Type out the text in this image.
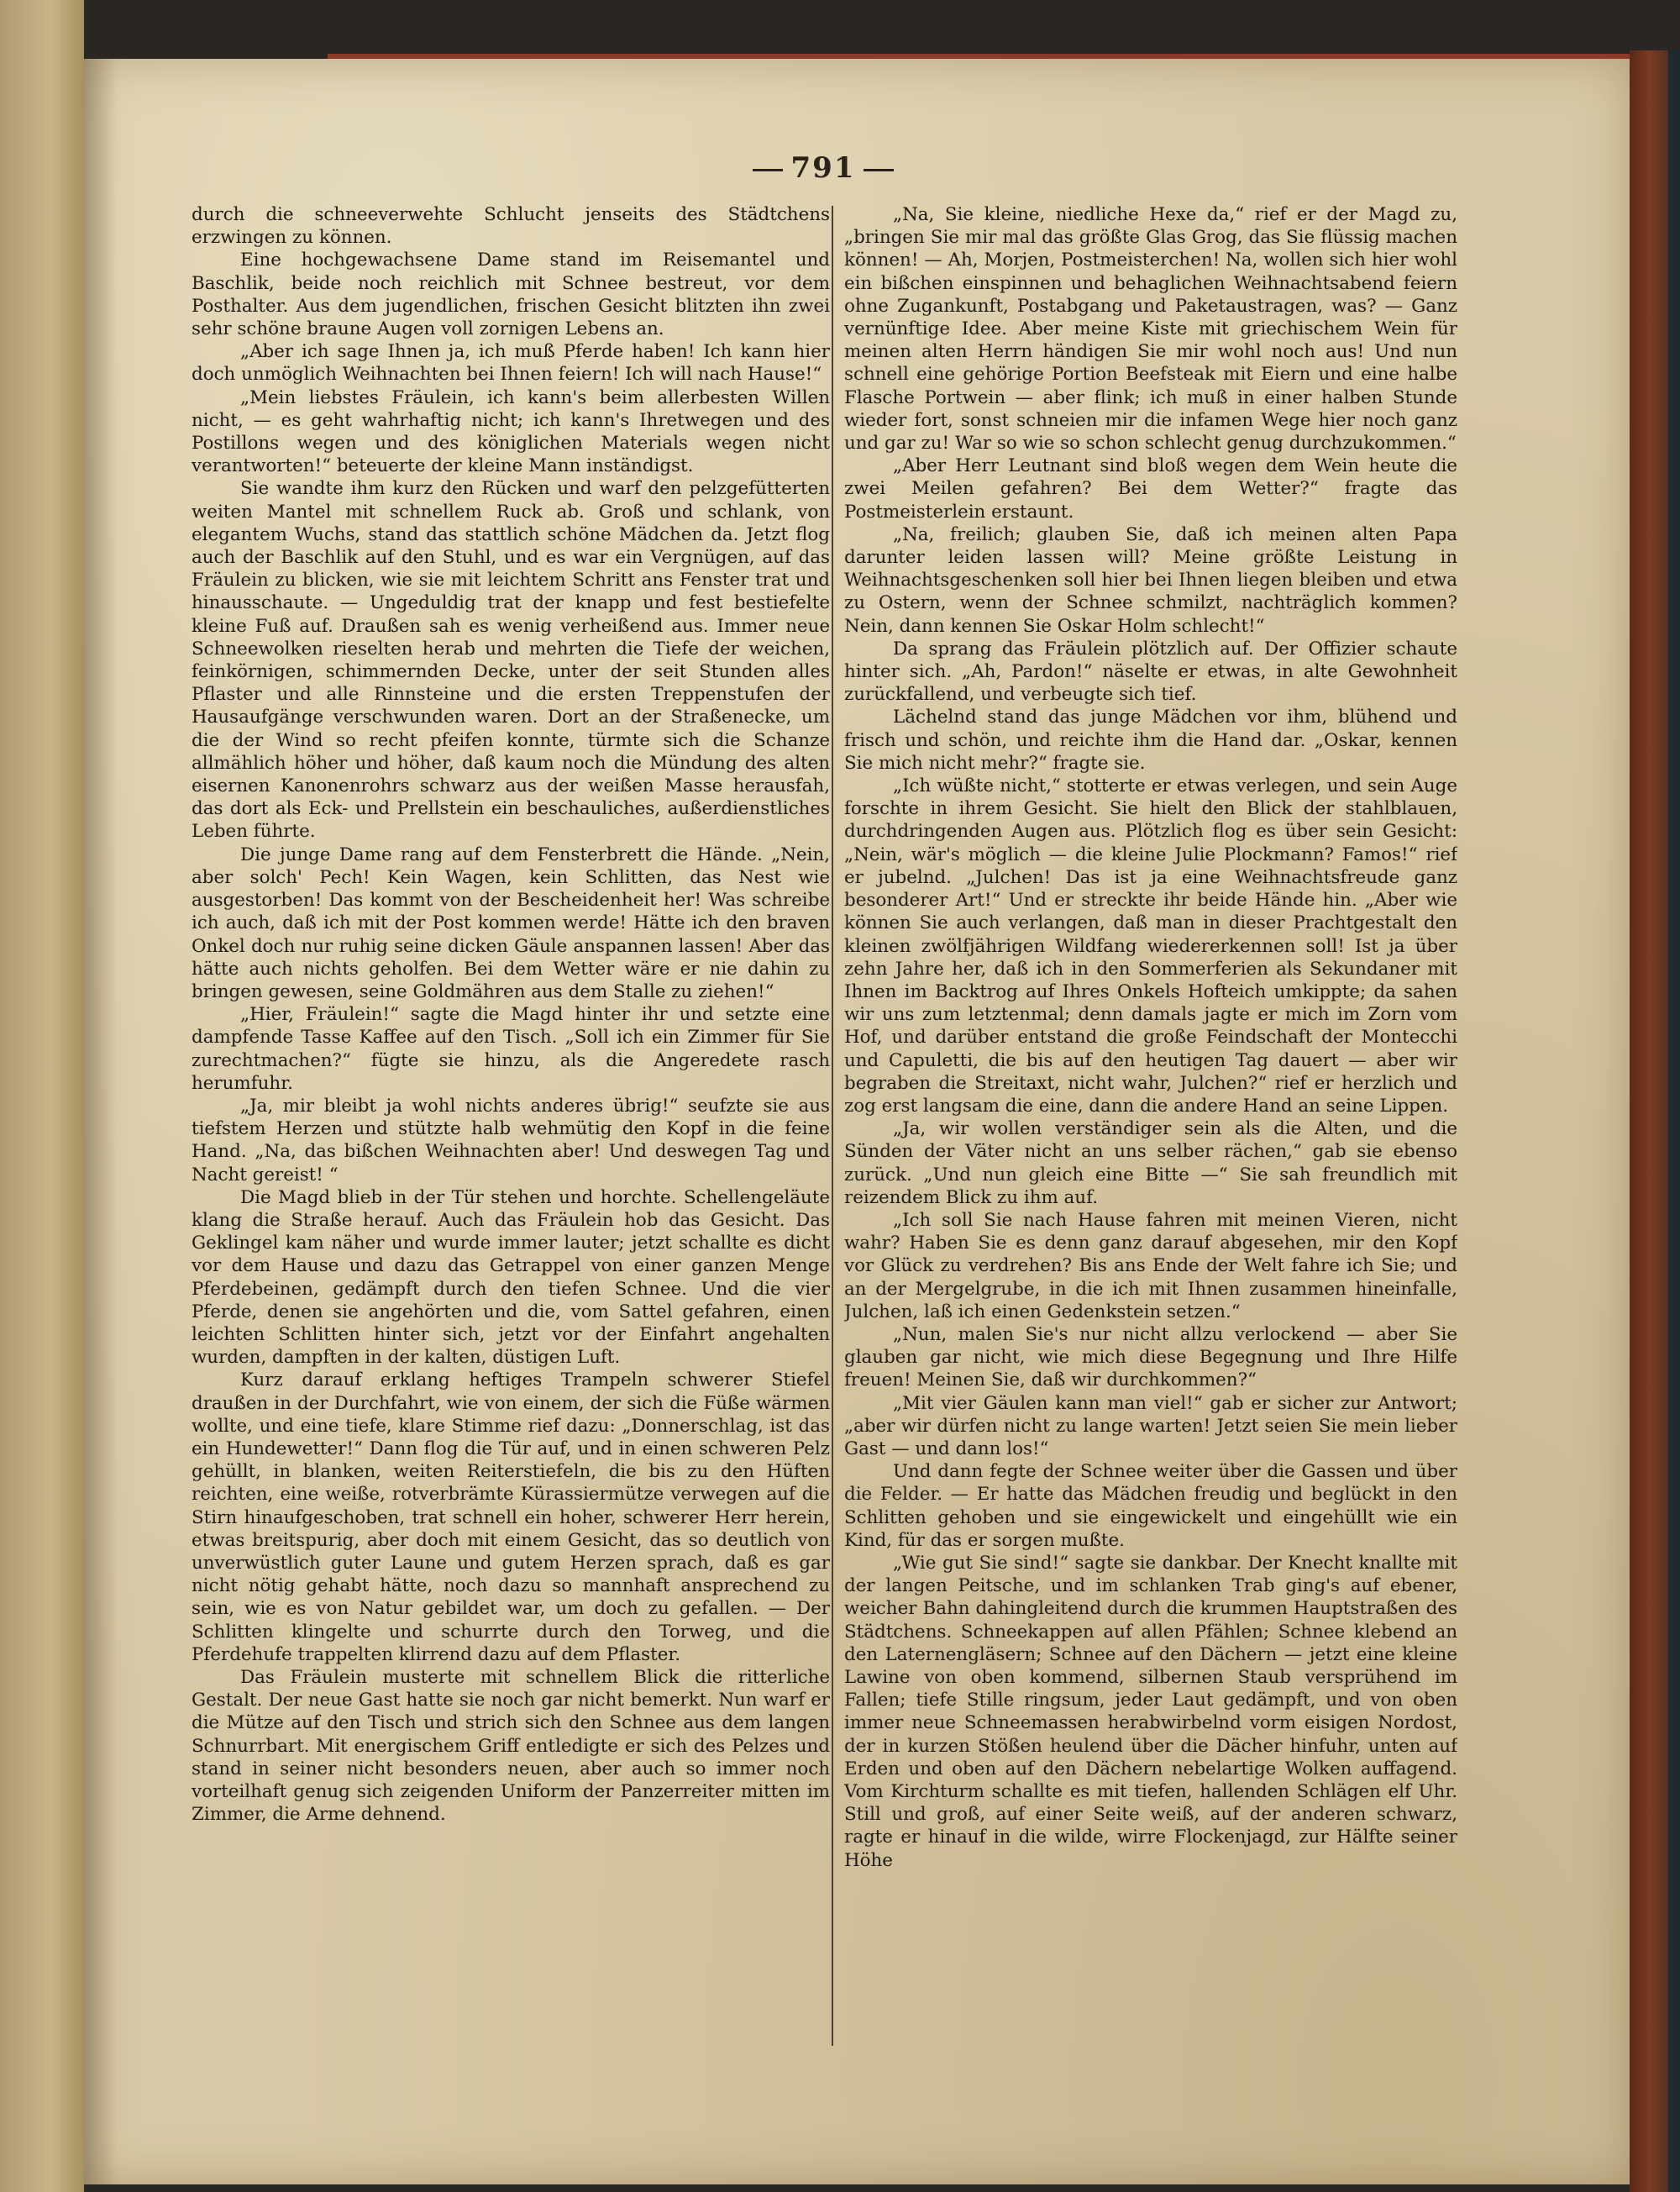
791

durch die schneeverwehte Schlucht jenseits des Städtchens erzwingen zu können.

Eine hochgewachsene Dame stand im Reisemantel und Baschlik, beide noch reichlich mit Schnee bestreut, vor dem Posthalter. Aus dem jugendlichen, frischen Gesicht blitzten ihn zwei sehr schöne braune Augen voll zornigen Lebens an.

„Aber ich sage Ihnen ja, ich muß Pferde haben! Ich kann hier doch unmöglich Weihnachten bei Ihnen feiern! Ich will nach Hause!“

„Mein liebstes Fräulein, ich kann's beim allerbesten Willen nicht, — es geht wahrhaftig nicht; ich kann's Ihretwegen und des Postillons wegen und des königlichen Materials wegen nicht verantworten!“ beteuerte der kleine Mann inständigst.

Sie wandte ihm kurz den Rücken und warf den pelzgefütterten weiten Mantel mit schnellem Ruck ab. Groß und schlank, von elegantem Wuchs, stand das stattlich schöne Mädchen da. Jetzt flog auch der Baschlik auf den Stuhl, und es war ein Vergnügen, auf das Fräulein zu blicken, wie sie mit leichtem Schritt ans Fenster trat und hinausschaute. — Ungeduldig trat der knapp und fest bestiefelte kleine Fuß auf. Draußen sah es wenig verheißend aus. Immer neue Schneewolken rieselten herab und mehrten die Tiefe der weichen, feinkörnigen, schimmernden Decke, unter der seit Stunden alles Pflaster und alle Rinnsteine und die ersten Treppenstufen der Hausaufgänge verschwunden waren. Dort an der Straßenecke, um die der Wind so recht pfeifen konnte, türmte sich die Schanze allmählich höher und höher, daß kaum noch die Mündung des alten eisernen Kanonenrohrs schwarz aus der weißen Masse herausfah, das dort als Eck- und Prellstein ein beschauliches, außerdienstliches Leben führte.

Die junge Dame rang auf dem Fensterbrett die Hände. „Nein, aber solch' Pech! Kein Wagen, kein Schlitten, das Nest wie ausgestorben! Das kommt von der Bescheidenheit her! Was schreibe ich auch, daß ich mit der Post kommen werde! Hätte ich den braven Onkel doch nur ruhig seine dicken Gäule anspannen lassen! Aber das hätte auch nichts geholfen. Bei dem Wetter wäre er nie dahin zu bringen gewesen, seine Goldmähren aus dem Stalle zu ziehen!“

„Hier, Fräulein!“ sagte die Magd hinter ihr und setzte eine dampfende Tasse Kaffee auf den Tisch. „Soll ich ein Zimmer für Sie zurechtmachen?“ fügte sie hinzu, als die Angeredete rasch herumfuhr.

„Ja, mir bleibt ja wohl nichts anderes übrig!“ seufzte sie aus tiefstem Herzen und stützte halb wehmütig den Kopf in die feine Hand. „Na, das bißchen Weihnachten aber! Und deswegen Tag und Nacht gereist! “

Die Magd blieb in der Tür stehen und horchte. Schellengeläute klang die Straße herauf. Auch das Fräulein hob das Gesicht. Das Geklingel kam näher und wurde immer lauter; jetzt schallte es dicht vor dem Hause und dazu das Getrappel von einer ganzen Menge Pferdebeinen, gedämpft durch den tiefen Schnee. Und die vier Pferde, denen sie angehörten und die, vom Sattel gefahren, einen leichten Schlitten hinter sich, jetzt vor der Einfahrt angehalten wurden, dampften in der kalten, düstigen Luft.

Kurz darauf erklang heftiges Trampeln schwerer Stiefel draußen in der Durchfahrt, wie von einem, der sich die Füße wärmen wollte, und eine tiefe, klare Stimme rief dazu: „Donnerschlag, ist das ein Hundewetter!“ Dann flog die Tür auf, und in einen schweren Pelz gehüllt, in blanken, weiten Reiterstiefeln, die bis zu den Hüften reichten, eine weiße, rotverbrämte Kürassiermütze verwegen auf die Stirn hinaufgeschoben, trat schnell ein hoher, schwerer Herr herein, etwas breitspurig, aber doch mit einem Gesicht, das so deutlich von unverwüstlich guter Laune und gutem Herzen sprach, daß es gar nicht nötig gehabt hätte, noch dazu so mannhaft ansprechend zu sein, wie es von Natur gebildet war, um doch zu gefallen. — Der Schlitten klingelte und schurrte durch den Torweg, und die Pferdehufe trappelten klirrend dazu auf dem Pflaster.

Das Fräulein musterte mit schnellem Blick die ritterliche Gestalt. Der neue Gast hatte sie noch gar nicht bemerkt. Nun warf er die Mütze auf den Tisch und strich sich den Schnee aus dem langen Schnurrbart. Mit energischem Griff entledigte er sich des Pelzes und stand in seiner nicht besonders neuen, aber auch so immer noch vorteilhaft genug sich zeigenden Uniform der Panzerreiter mitten im Zimmer, die Arme dehnend.

„Na, Sie kleine, niedliche Hexe da,“ rief er der Magd zu, „bringen Sie mir mal das größte Glas Grog, das Sie flüssig machen können! — Ah, Morjen, Postmeisterchen! Na, wollen sich hier wohl ein bißchen einspinnen und behaglichen Weihnachtsabend feiern ohne Zugankunft, Postabgang und Paketaustragen, was? — Ganz vernünftige Idee. Aber meine Kiste mit griechischem Wein für meinen alten Herrn händigen Sie mir wohl noch aus! Und nun schnell eine gehörige Portion Beefsteak mit Eiern und eine halbe Flasche Portwein — aber flink; ich muß in einer halben Stunde wieder fort, sonst schneien mir die infamen Wege hier noch ganz und gar zu! War so wie so schon schlecht genug durchzukommen.“

„Aber Herr Leutnant sind bloß wegen dem Wein heute die zwei Meilen gefahren? Bei dem Wetter?“ fragte das Postmeisterlein erstaunt.

„Na, freilich; glauben Sie, daß ich meinen alten Papa darunter leiden lassen will? Meine größte Leistung in Weihnachtsgeschenken soll hier bei Ihnen liegen bleiben und etwa zu Ostern, wenn der Schnee schmilzt, nachträglich kommen? Nein, dann kennen Sie Oskar Holm schlecht!“

Da sprang das Fräulein plötzlich auf. Der Offizier schaute hinter sich. „Ah, Pardon!“ näselte er etwas, in alte Gewohnheit zurückfallend, und verbeugte sich tief.

Lächelnd stand das junge Mädchen vor ihm, blühend und frisch und schön, und reichte ihm die Hand dar. „Oskar, kennen Sie mich nicht mehr?“ fragte sie.

„Ich wüßte nicht,“ stotterte er etwas verlegen, und sein Auge forschte in ihrem Gesicht. Sie hielt den Blick der stahlblauen, durchdringenden Augen aus. Plötzlich flog es über sein Gesicht: „Nein, wär's möglich — die kleine Julie Plockmann? Famos!“ rief er jubelnd. „Julchen! Das ist ja eine Weihnachtsfreude ganz besonderer Art!“ Und er streckte ihr beide Hände hin. „Aber wie können Sie auch verlangen, daß man in dieser Prachtgestalt den kleinen zwölfjährigen Wildfang wiedererkennen soll! Ist ja über zehn Jahre her, daß ich in den Sommerferien als Sekundaner mit Ihnen im Backtrog auf Ihres Onkels Hofteich umkippte; da sahen wir uns zum letztenmal; denn damals jagte er mich im Zorn vom Hof, und darüber entstand die große Feindschaft der Montecchi und Capuletti, die bis auf den heutigen Tag dauert — aber wir begraben die Streitaxt, nicht wahr, Julchen?“ rief er herzlich und zog erst langsam die eine, dann die andere Hand an seine Lippen.

„Ja, wir wollen verständiger sein als die Alten, und die Sünden der Väter nicht an uns selber rächen,“ gab sie ebenso zurück. „Und nun gleich eine Bitte —“ Sie sah freundlich mit reizendem Blick zu ihm auf.

„Ich soll Sie nach Hause fahren mit meinen Vieren, nicht wahr? Haben Sie es denn ganz darauf abgesehen, mir den Kopf vor Glück zu verdrehen? Bis ans Ende der Welt fahre ich Sie; und an der Mergelgrube, in die ich mit Ihnen zusammen hineinfalle, Julchen, laß ich einen Gedenkstein setzen.“

„Nun, malen Sie's nur nicht allzu verlockend — aber Sie glauben gar nicht, wie mich diese Begegnung und Ihre Hilfe freuen! Meinen Sie, daß wir durchkommen?“

„Mit vier Gäulen kann man viel!“ gab er sicher zur Antwort; „aber wir dürfen nicht zu lange warten! Jetzt seien Sie mein lieber Gast — und dann los!“

Und dann fegte der Schnee weiter über die Gassen und über die Felder. — Er hatte das Mädchen freudig und beglückt in den Schlitten gehoben und sie eingewickelt und eingehüllt wie ein Kind, für das er sorgen mußte.

„Wie gut Sie sind!“ sagte sie dankbar. Der Knecht knallte mit der langen Peitsche, und im schlanken Trab ging's auf ebener, weicher Bahn dahingleitend durch die krummen Hauptstraßen des Städtchens. Schneekappen auf allen Pfählen; Schnee klebend an den Laternengläsern; Schnee auf den Dächern — jetzt eine kleine Lawine von oben kommend, silbernen Staub versprühend im Fallen; tiefe Stille ringsum, jeder Laut gedämpft, und von oben immer neue Schneemassen herabwirbelnd vorm eisigen Nordost, der in kurzen Stößen heulend über die Dächer hinfuhr, unten auf Erden und oben auf den Dächern nebelartige Wolken auffagend. Vom Kirchturm schallte es mit tiefen, hallenden Schlägen elf Uhr. Still und groß, auf einer Seite weiß, auf der anderen schwarz, ragte er hinauf in die wilde, wirre Flockenjagd, zur Hälfte seiner Höhe
